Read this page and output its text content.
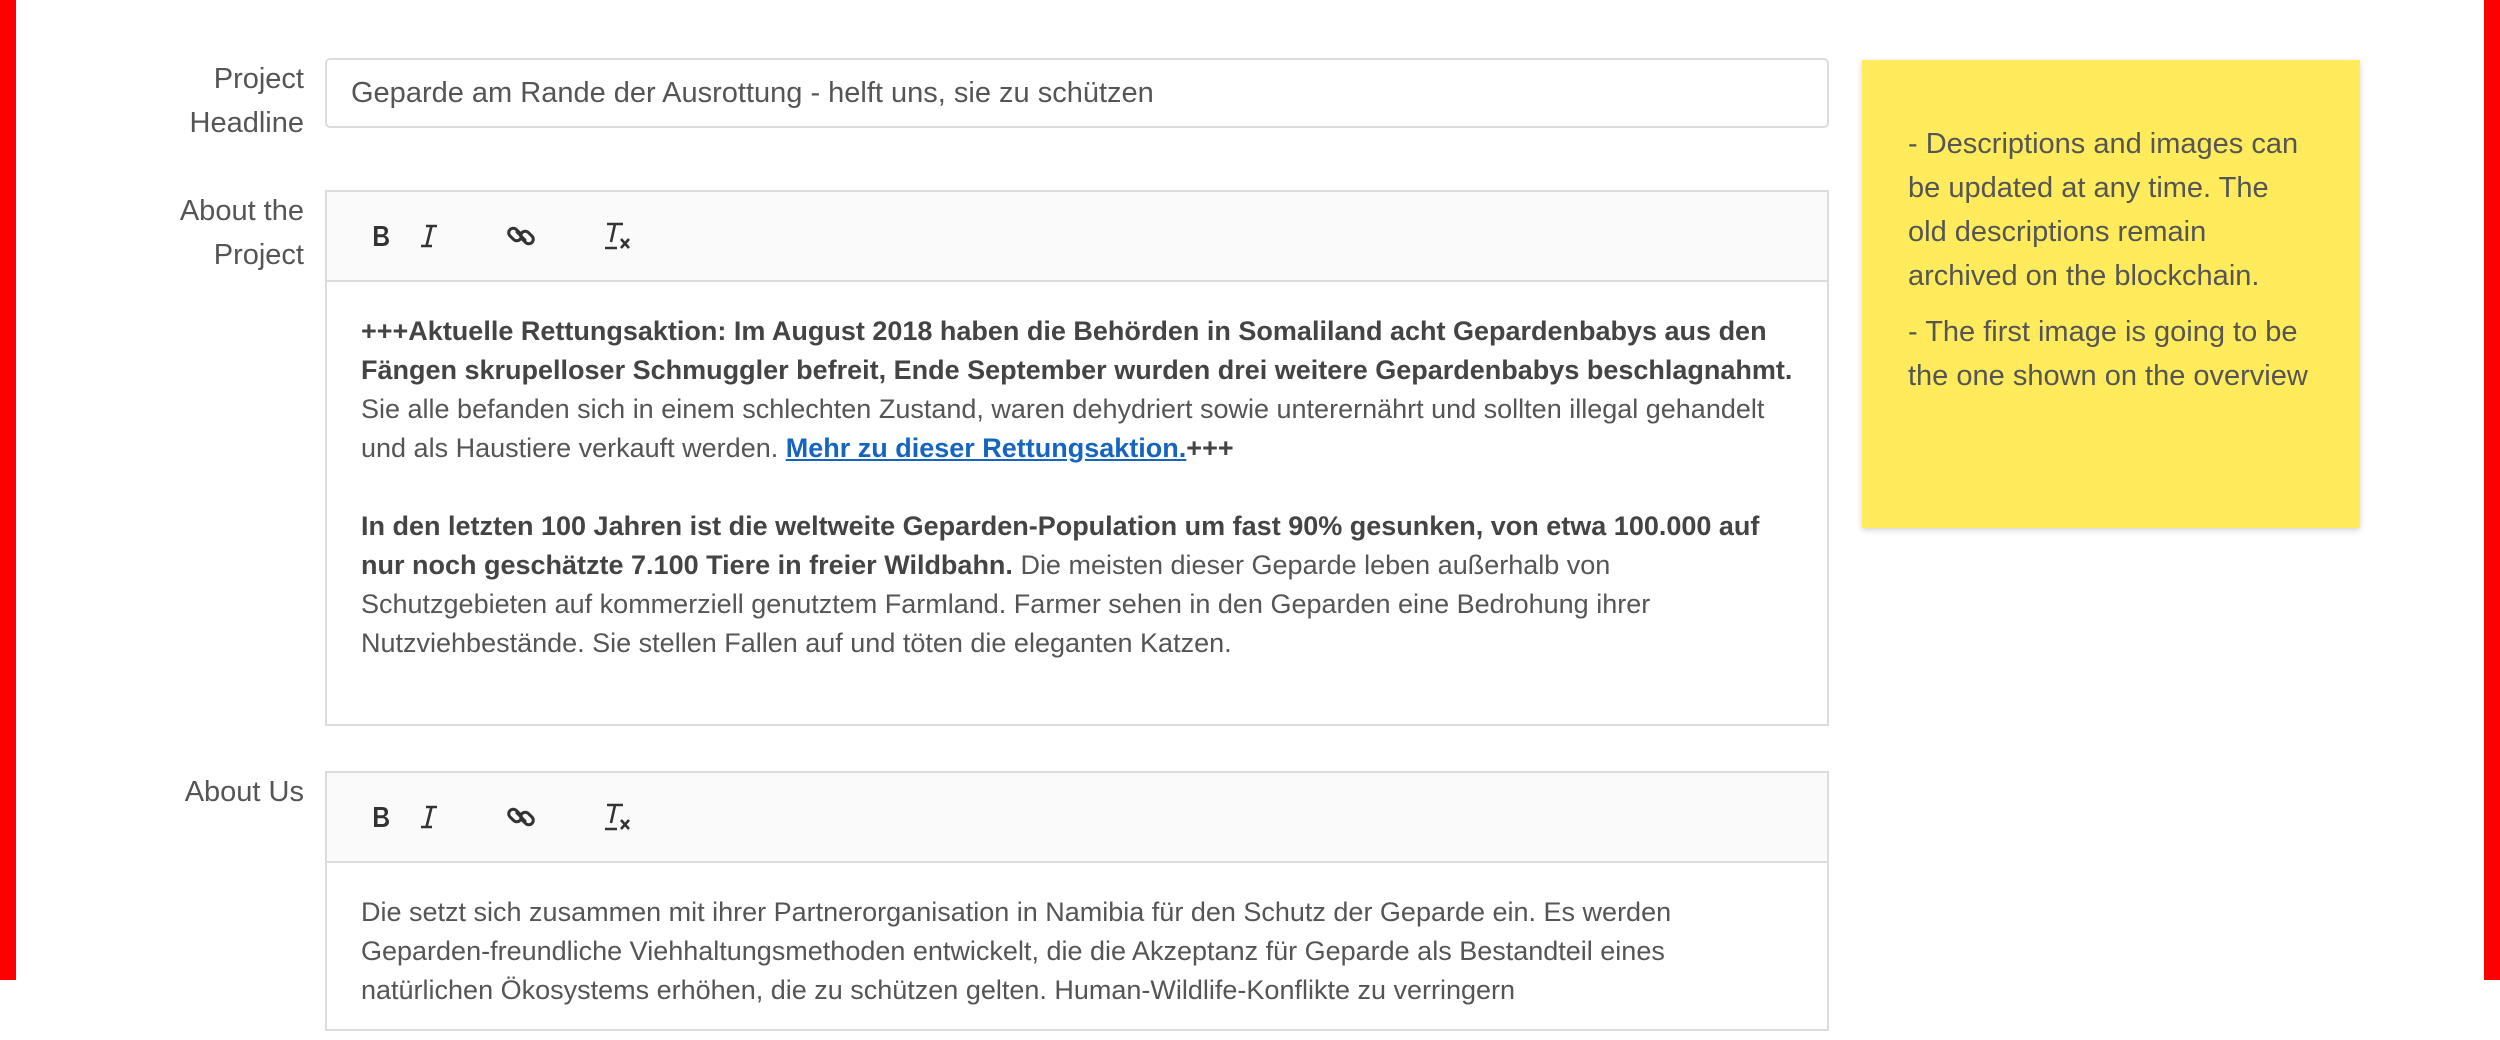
Project
Headline
Geparde am Rande der Ausrottung - helft uns, sie zu schützen
About the
Project

+++Aktuelle Rettungsaktion: Im August 2018 haben die Behörden in Somaliland acht Gepardenbabys aus den Fängen skrupelloser Schmuggler befreit, Ende September wurden drei weitere Gepardenbabys beschlagnahmt. Sie alle befanden sich in einem schlechten Zustand, waren dehydriert sowie unterernährt und sollten illegal gehandelt und als Haustiere verkauft werden. Mehr zu dieser Rettungsaktion.+++

In den letzten 100 Jahren ist die weltweite Geparden-Population um fast 90% gesunken, von etwa 100.000 auf nur noch geschätzte 7.100 Tiere in freier Wildbahn. Die meisten dieser Geparde leben außerhalb von Schutzgebieten auf kommerziell genutztem Farmland. Farmer sehen in den Geparden eine Bedrohung ihrer Nutzviehbestände. Sie stellen Fallen auf und töten die eleganten Katzen.

About Us

Die setzt sich zusammen mit ihrer Partnerorganisation in Namibia für den Schutz der Geparde ein. Es werden Geparden-freundliche Viehhaltungsmethoden entwickelt, die die Akzeptanz für Geparde als Bestandteil eines natürlichen Ökosystems erhöhen, die zu schützen gelten. Human-Wildlife-Konflikte zu verringern

- Descriptions and images can be updated at any time. The old descriptions remain archived on the blockchain.

- The first image is going to be the one shown on the overview
